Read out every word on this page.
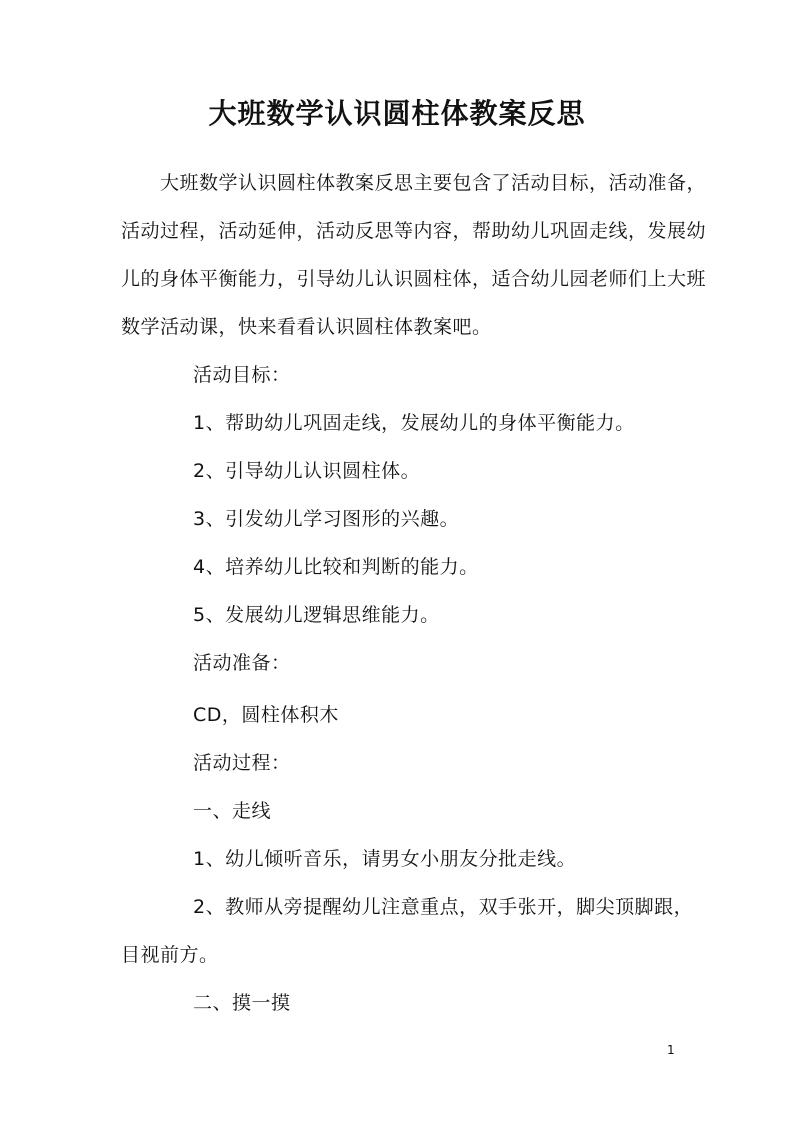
大班数学认识圆柱体教案反思
大班数学认识圆柱体教案反思主要包含了活动目标，活动准备，
活动过程，活动延伸，活动反思等内容，帮助幼儿巩固走线，发展幼
儿的身体平衡能力，引导幼儿认识圆柱体，适合幼儿园老师们上大班
数学活动课，快来看看认识圆柱体教案吧。
活动目标：
1、帮助幼儿巩固走线，发展幼儿的身体平衡能力。
2、引导幼儿认识圆柱体。
3、引发幼儿学习图形的兴趣。
4、培养幼儿比较和判断的能力。
5、发展幼儿逻辑思维能力。
活动准备：
CD，圆柱体积木
活动过程：
一、走线
1、幼儿倾听音乐，请男女小朋友分批走线。
2、教师从旁提醒幼儿注意重点，双手张开，脚尖顶脚跟，
目视前方。
二、摸一摸
1
